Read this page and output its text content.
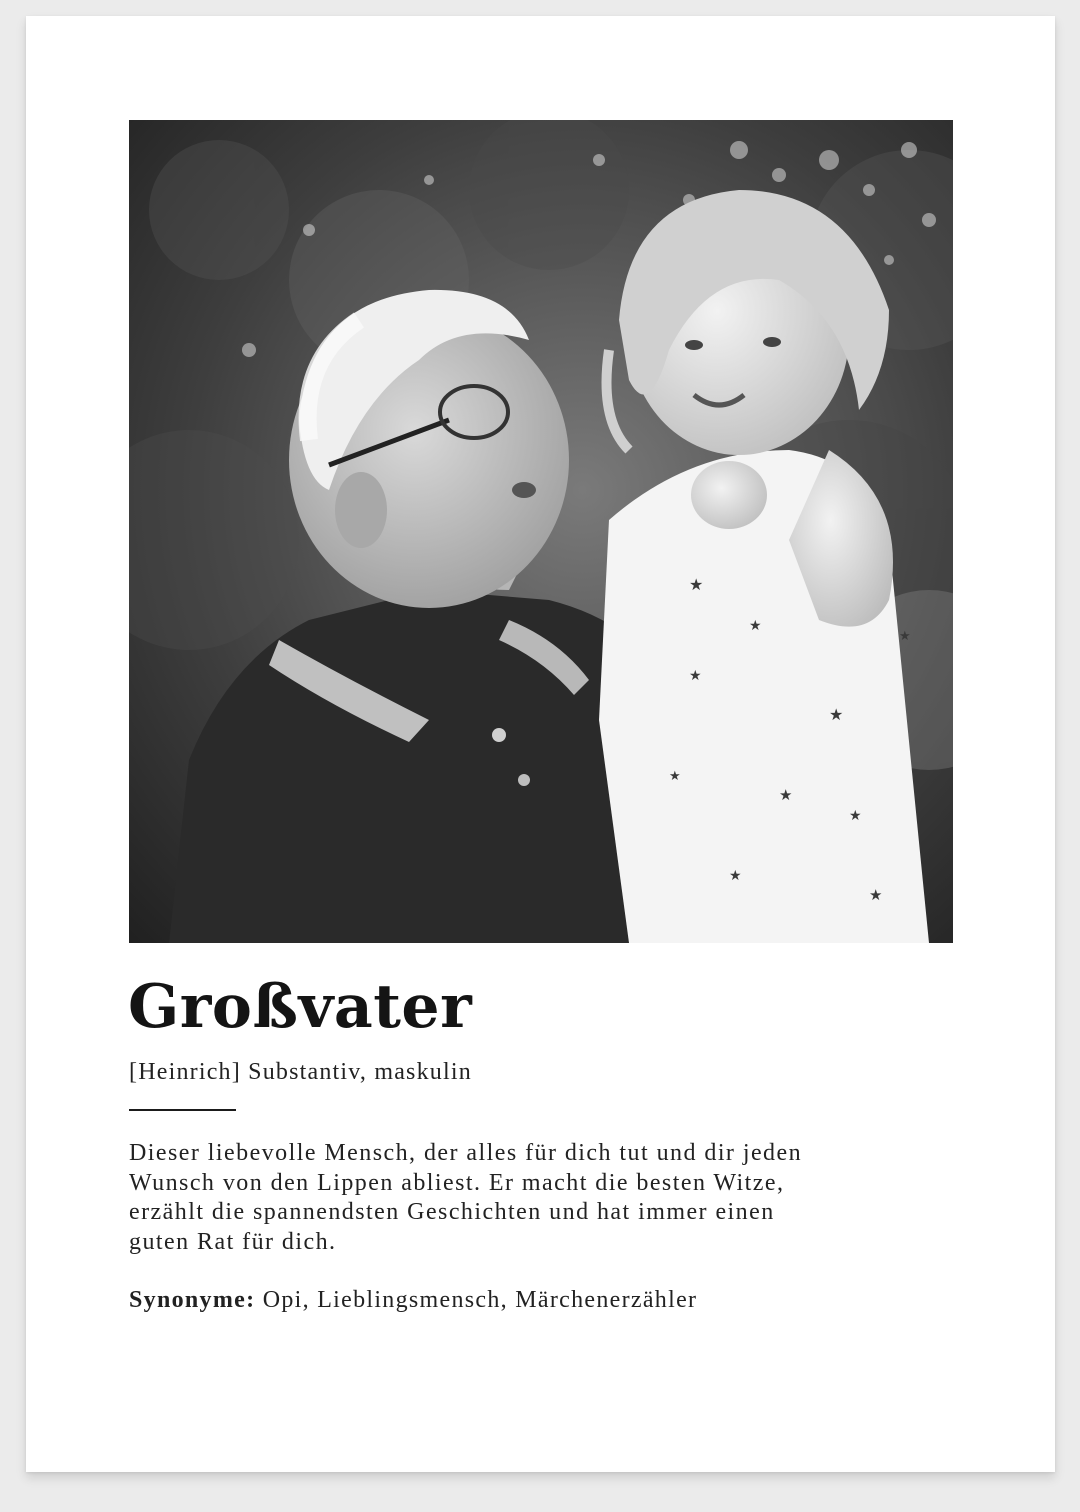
★
★
★
★
★
★
★
★
★
★
Großvater
[Heinrich] Substantiv, maskulin

Dieser liebevolle Mensch, der alles für dich tut und dir jeden
Wunsch von den Lippen abliest. Er macht die besten Witze,
erzählt die spannendsten Geschichten und hat immer einen
guten Rat für dich.

Synonyme: Opi, Lieblingsmensch, Märchenerzähler
